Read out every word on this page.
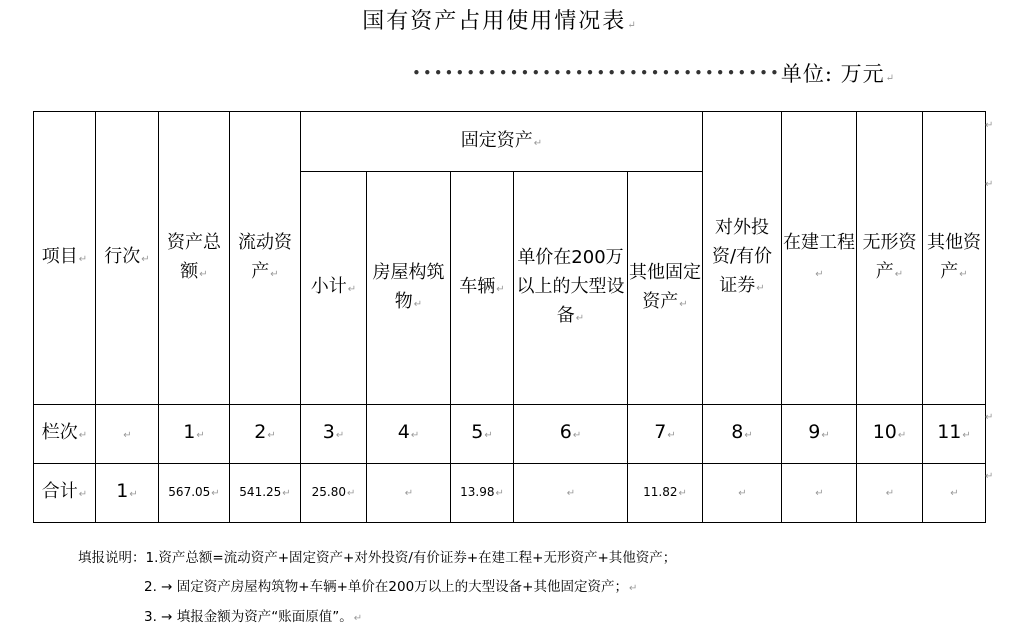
国有资产占用使用情况表↵
••••••••••••••••••••••••••••••••••单位: 万元↵
项目↵	行次↵	资产总额↵	流动资产↵	固定资产↵					对外投资/有价证券↵	在建工程↵	无形资产↵	其他资产↵
				小计↵	房屋构筑物↵	车辆↵	单价在200万以上的大型设备↵	其他固定资产↵				
栏次↵	↵	1↵	2↵	3↵	4↵	5↵	6↵	7↵	8↵	9↵	10↵	11↵
合计↵	1↵	567.05↵	541.25↵	25.80↵	↵	13.98↵	↵	11.82↵	↵	↵	↵	↵
↵
↵
↵
↵
填报说明：1.资产总额=流动资产+固定资产+对外投资/有价证券+在建工程+无形资产+其他资产；
2. → 固定资产房屋构筑物+车辆+单价在200万以上的大型设备+其他固定资产；↵
3. → 填报金额为资产“账面原值”。↵
